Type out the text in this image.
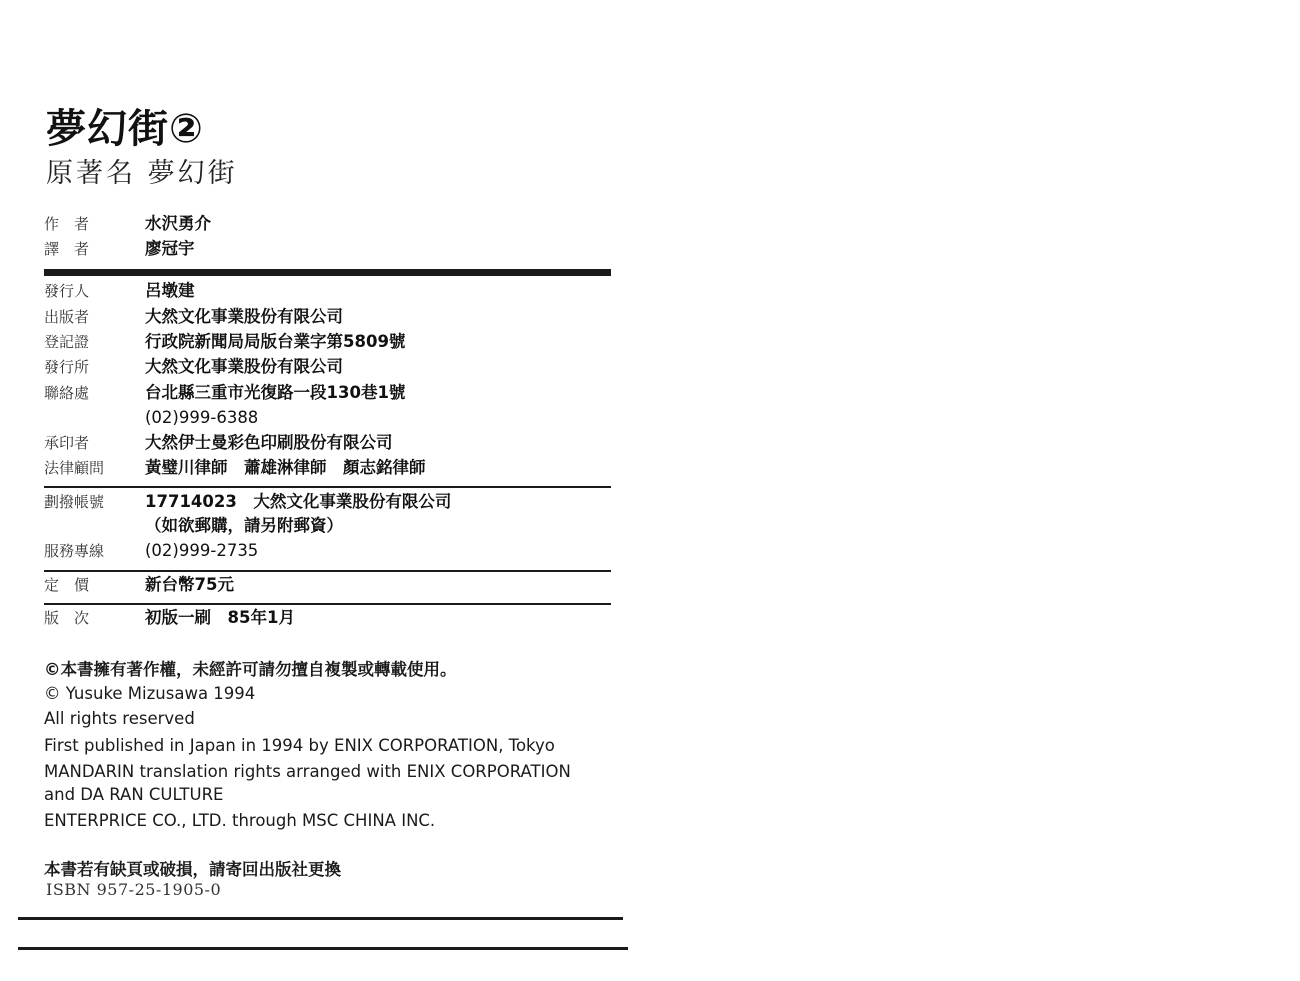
夢幻街②
原著名 夢幻街
作　者	水沢勇介
譯　者	廖冠宇
發行人	呂墩建
出版者	大然文化事業股份有限公司
登記證	行政院新聞局局版台業字第5809號
發行所	大然文化事業股份有限公司
聯絡處	台北縣三重市光復路一段130巷1號
(02)999-6388
承印者	大然伊士曼彩色印刷股份有限公司
法律顧問	黃璧川律師　蕭雄淋律師　顏志銘律師
劃撥帳號	17714023　大然文化事業股份有限公司
（如欲郵購，請另附郵資）
服務專線	(02)999-2735
定　價	新台幣75元
版　次	初版一刷　85年1月
©本書擁有著作權，未經許可請勿擅自複製或轉載使用。
© Yusuke Mizusawa 1994
All rights reserved
First published in Japan in 1994 by ENIX CORPORATION, Tokyo
MANDARIN translation rights arranged with ENIX CORPORATION
and DA RAN CULTURE
ENTERPRICE CO., LTD. through MSC CHINA INC.
本書若有缺頁或破損，請寄回出版社更換
ISBN 957-25-1905-0
